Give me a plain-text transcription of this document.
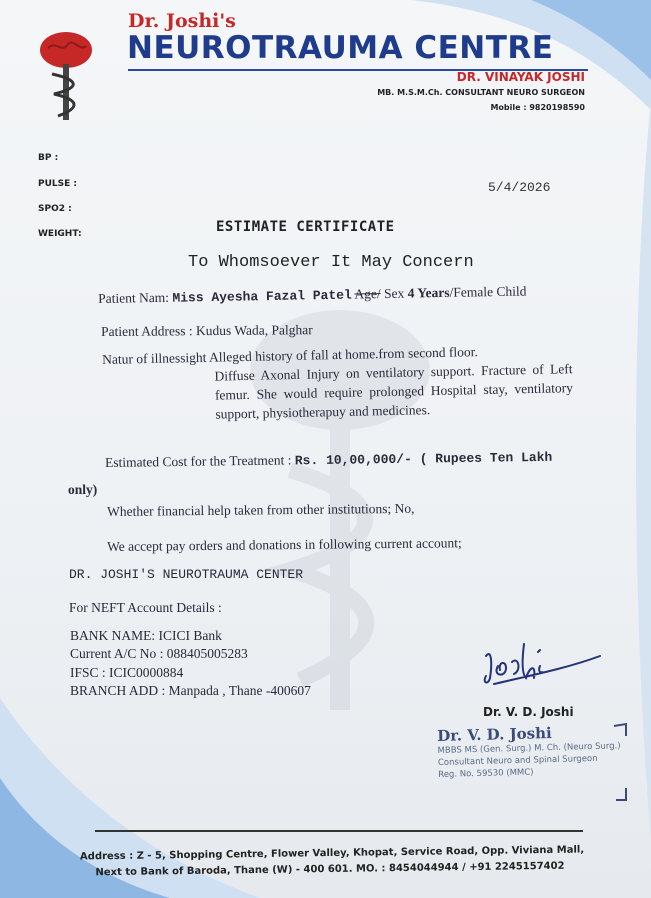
Dr. Joshi's
NEUROTRAUMA CENTRE
DR. VINAYAK JOSHI
MB. M.S.M.Ch. CONSULTANT NEURO SURGEON
Mobile : 9820198590
BP :
PULSE :
SPO2 :
WEIGHT:
5/4/2026
ESTIMATE CERTIFICATE
To Whomsoever It May Concern
Patient Nam: Miss Ayesha Fazal Patel Age/ Sex 4 Years/Female Child
Patient Address : Kudus Wada, Palghar
Natur of illnessight Alleged history of fall at home.from second floor.
Diffuse Axonal Injury on ventilatory support. Fracture of Left femur. She would require prolonged Hospital stay, ventilatory support, physiotherapuy and medicines.
Estimated Cost for the Treatment : Rs. 10,00,000/- ( Rupees Ten Lakh
only)
Whether financial help taken from other institutions; No,
We accept pay orders and donations in following current account;
DR. JOSHI'S NEUROTRAUMA CENTER
For NEFT Account Details :
BANK NAME: ICICI Bank
Current A/C No : 088405005283
IFSC : ICIC0000884
BRANCH ADD : Manpada , Thane -400607
Dr. V. D. Joshi
Dr. V. D. Joshi
MBBS MS (Gen. Surg.) M. Ch. (Neuro Surg.)
Consultant Neuro and Spinal Surgeon
Reg. No. 59530 (MMC)
Address : Z - 5, Shopping Centre, Flower Valley, Khopat, Service Road, Opp. Viviana Mall,
Next to Bank of Baroda, Thane (W) - 400 601. MO. : 8454044944 / +91 2245157402
